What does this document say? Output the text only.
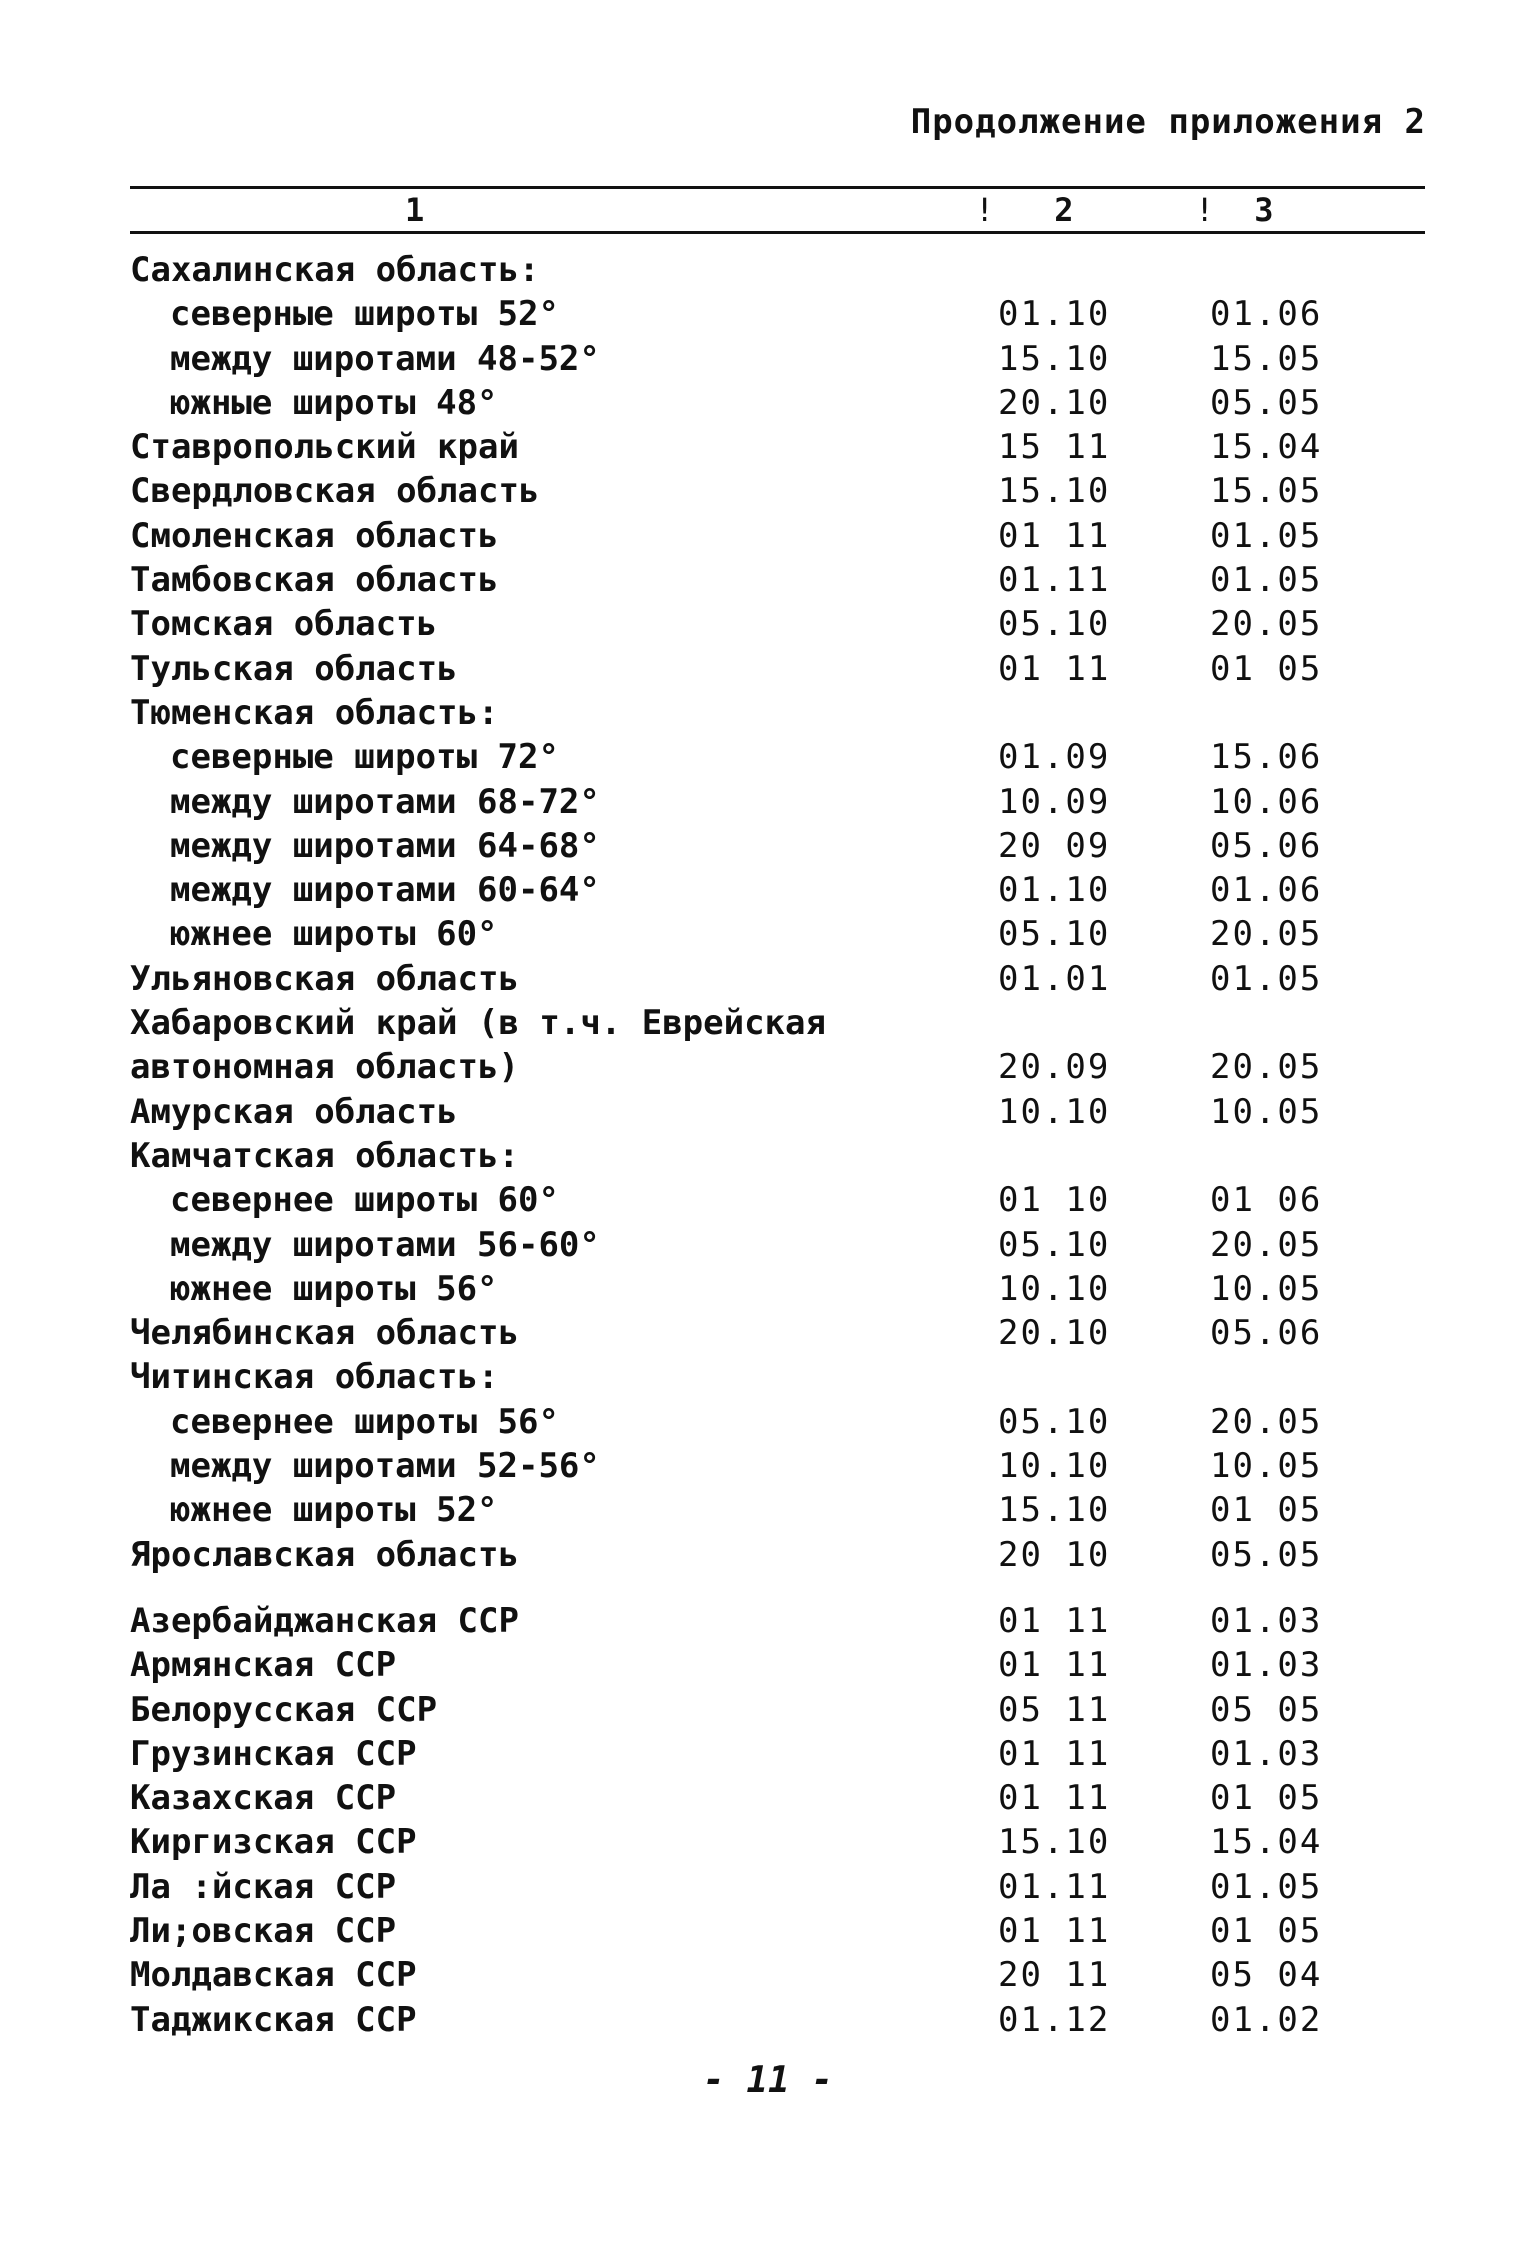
Продолжение приложения 2
1	! 2	! 3
Сахалинская область:
северные широты 52°	01.10	01.06
между широтами 48-52°	15.10	15.05
южные широты 48°	20.10	05.05
Ставропольский край	15 11	15.04
Свердловская область	15.10	15.05
Смоленская область	01 11	01.05
Тамбовская область	01.11	01.05
Томская область	05.10	20.05
Тульская область	01 11	01 05
Тюменская область:
северные широты 72°	01.09	15.06
между широтами 68-72°	10.09	10.06
между широтами 64-68°	20 09	05.06
между широтами 60-64°	01.10	01.06
южнее широты 60°	05.10	20.05
Ульяновская область	01.01	01.05
Хабаровский край (в т.ч. Еврейская
автономная область)	20.09	20.05
Амурская область	10.10	10.05
Камчатская область:
севернее широты 60°	01 10	01 06
между широтами 56-60°	05.10	20.05
южнее широты 56°	10.10	10.05
Челябинская область	20.10	05.06
Читинская область:
севернее широты 56°	05.10	20.05
между широтами 52-56°	10.10	10.05
южнее широты 52°	15.10	01 05
Ярославская область	20 10	05.05
Азербайджанская ССР	01 11	01.03
Армянская ССР	01 11	01.03
Белорусская ССР	05 11	05 05
Грузинская ССР	01 11	01.03
Казахская ССР	01 11	01 05
Киргизская ССР	15.10	15.04
Ла :йская ССР	01.11	01.05
Ли;овская ССР	01 11	01 05
Молдавская ССР	20 11	05 04
Таджикская ССР	01.12	01.02
- 11 -
